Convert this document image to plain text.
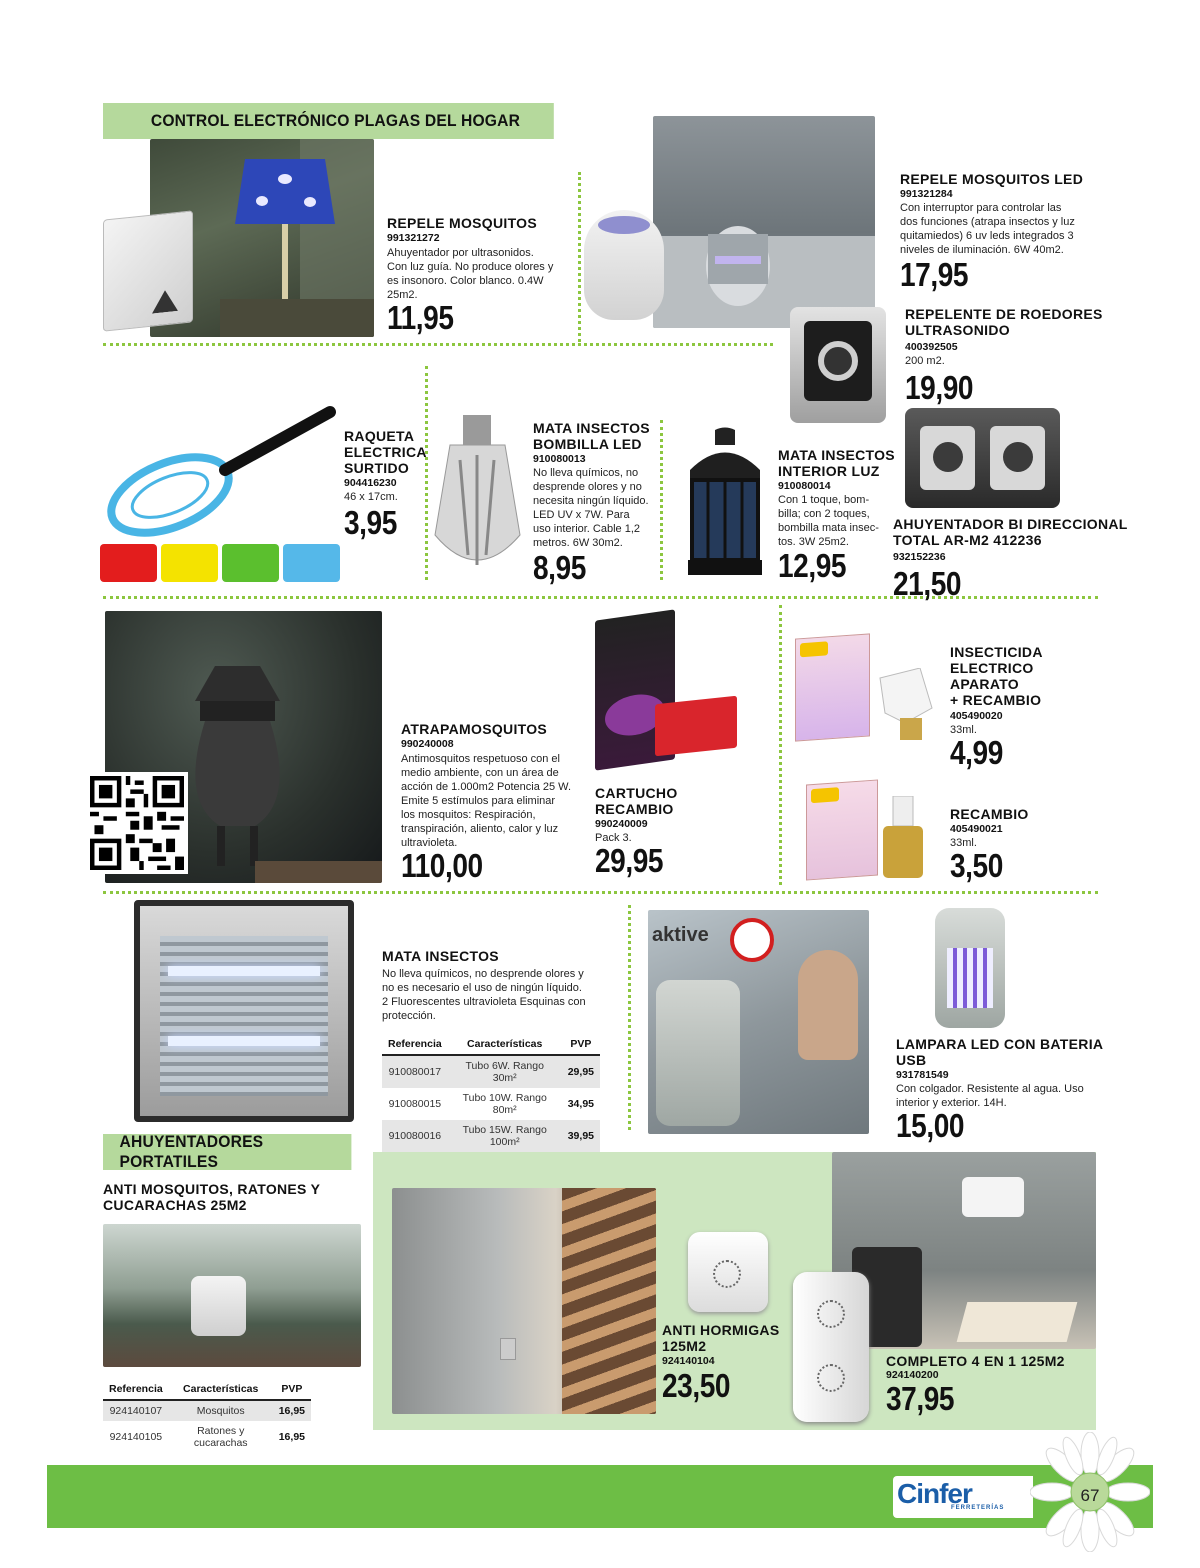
CONTROL ELECTRÓNICO PLAGAS DEL HOGAR
REPELE MOSQUITOS
991321272
Ahuyentador por ultrasonidos.
Con luz guía. No produce olores y
es insonoro. Color blanco. 0.4W
25m2.
11,95
REPELE MOSQUITOS LED
991321284
Con interruptor para controlar las
dos funciones (atrapa insectos y luz
quitamiedos) 6 uv leds integrados 3
niveles de iluminación. 6W 40m2.
17,95
REPELENTE DE ROEDORES
ULTRASONIDO
400392505
200 m2.
19,90
RAQUETA
ELECTRICA
SURTIDO
904416230
46 x 17cm.
3,95
MATA INSECTOS
BOMBILLA LED
910080013
No lleva químicos, no
desprende olores y no
necesita ningún líquido.
LED UV x 7W. Para
uso interior. Cable 1,2
metros. 6W 30m2.
8,95
MATA INSECTOS
INTERIOR LUZ
910080014
Con 1 toque, bom-
billa; con 2 toques,
bombilla mata insec-
tos. 3W 25m2.
12,95
AHUYENTADOR BI DIRECCIONAL
TOTAL AR-M2 412236
932152236
21,50
ATRAPAMOSQUITOS
990240008
Antimosquitos respetuoso con el
medio ambiente, con un área de
acción de 1.000m2 Potencia 25 W.
Emite 5 estímulos para eliminar
los mosquitos: Respiración,
transpiración, aliento, calor y luz
ultravioleta.
110,00
CARTUCHO
RECAMBIO
990240009
Pack 3.
29,95
INSECTICIDA
ELECTRICO
APARATO
+ RECAMBIO
405490020
33ml.
4,99
RECAMBIO
405490021
33ml.
3,50
MATA INSECTOS
No lleva químicos, no desprende olores y
no es necesario el uso de ningún líquido.
2 Fluorescentes ultravioleta Esquinas con
protección.
Referencia	Características	PVP
910080017	Tubo 6W. Rango 30m²	29,95
910080015	Tubo 10W. Rango 80m²	34,95
910080016	Tubo 15W. Rango 100m²	39,95
aktive
LAMPARA LED CON BATERIA
USB
931781549
Con colgador. Resistente al agua. Uso
interior y exterior. 14H.
15,00
AHUYENTADORES PORTATILES
ANTI MOSQUITOS, RATONES Y
CUCARACHAS 25M2
Referencia	Características	PVP
924140107	Mosquitos	16,95
924140105	Ratones y cucarachas	16,95
ANTI HORMIGAS
125M2
924140104
23,50
COMPLETO 4 EN 1 125M2
924140200
37,95
Cinfer
FERRETERÍAS
67
